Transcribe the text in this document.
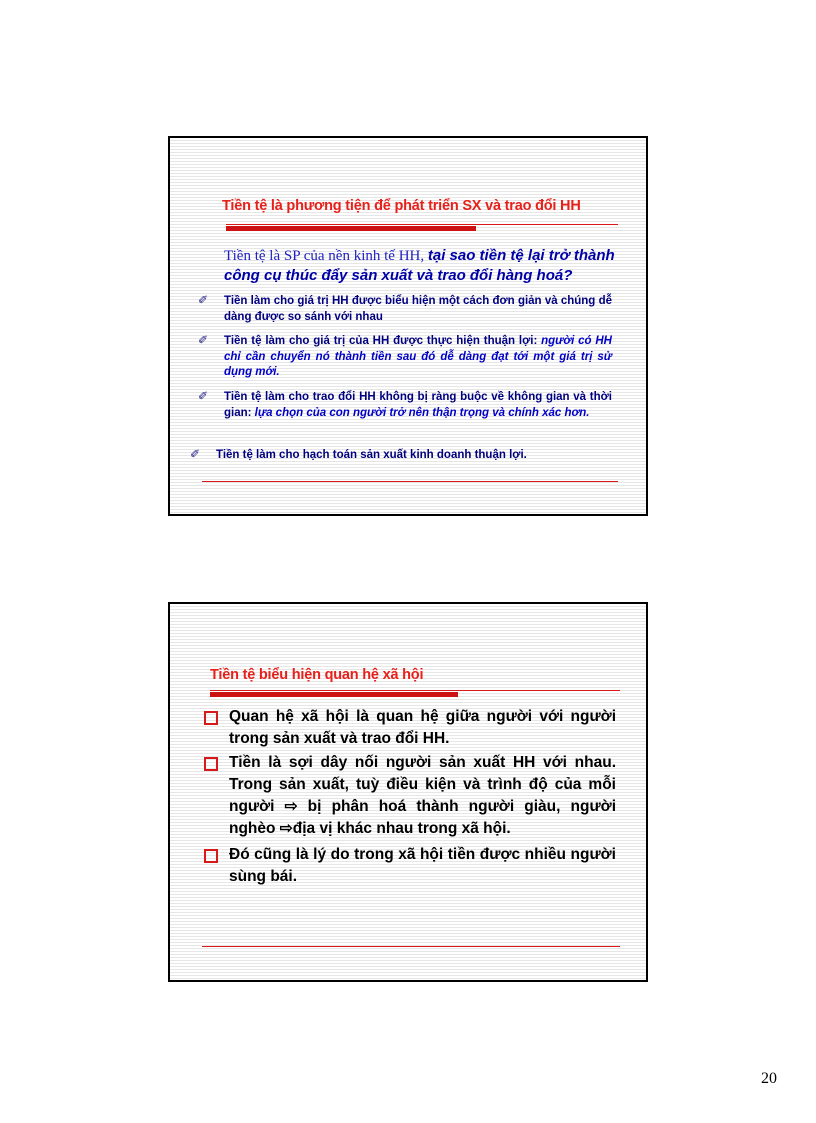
Tiền tệ là phương tiện để phát triển SX và trao đổi HH
Tiền tệ là SP của nền kinh tế HH, tại sao tiền tệ lại trở thành công cụ thúc đẩy sản xuất và trao đổi hàng hoá?
✐ Tiền làm cho giá trị HH được biểu hiện một cách đơn giản và chúng dễ dàng được so sánh với nhau
✐ Tiền tệ làm cho giá trị của HH được thực hiện thuận lợi: người có HH chỉ cần chuyển nó thành tiền sau đó dễ dàng đạt tới một giá trị sử dụng mới.
✐ Tiền tệ làm cho trao đổi HH không bị ràng buộc về không gian và thời gian: lựa chọn của con người trở nên thận trọng và chính xác hơn.
✐ Tiền tệ làm cho hạch toán sản xuất kinh doanh thuận lợi.
Tiền tệ biểu hiện quan hệ xã hội
Quan hệ xã hội là quan hệ giữa người với người trong sản xuất và trao đổi HH.
Tiền là sợi dây nối người sản xuất HH với nhau. Trong sản xuất, tuỳ điều kiện và trình độ của mỗi người ⇨ bị phân hoá thành người giàu, người nghèo ⇨địa vị khác nhau trong xã hội.
Đó cũng là lý do trong xã hội tiền được nhiều người sùng bái.
20
